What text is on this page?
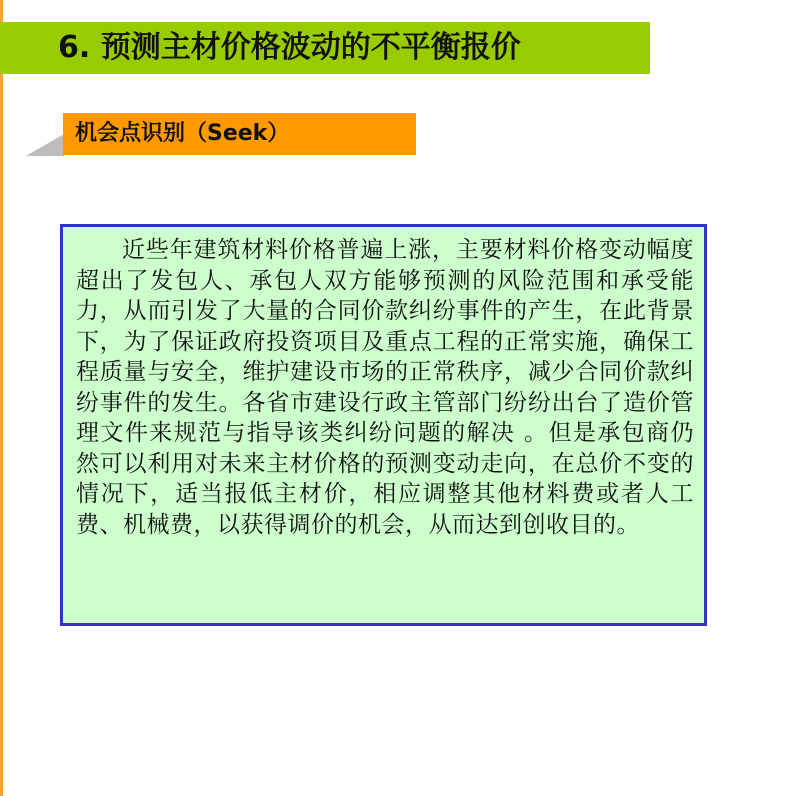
6. 预测主材价格波动的不平衡报价
机会点识别（Seek）

近些年建筑材料价格普遍上涨，主要材料价格变动幅度超出了发包人、承包人双方能够预测的风险范围和承受能力，从而引发了大量的合同价款纠纷事件的产生，在此背景下，为了保证政府投资项目及重点工程的正常实施，确保工程质量与安全，维护建设市场的正常秩序，减少合同价款纠纷事件的发生。各省市建设行政主管部门纷纷出台了造价管理文件来规范与指导该类纠纷问题的解决 。但是承包商仍然可以利用对未来主材价格的预测变动走向，在总价不变的情况下，适当报低主材价，相应调整其他材料费或者人工费、机械费，以获得调价的机会，从而达到创收目的。
